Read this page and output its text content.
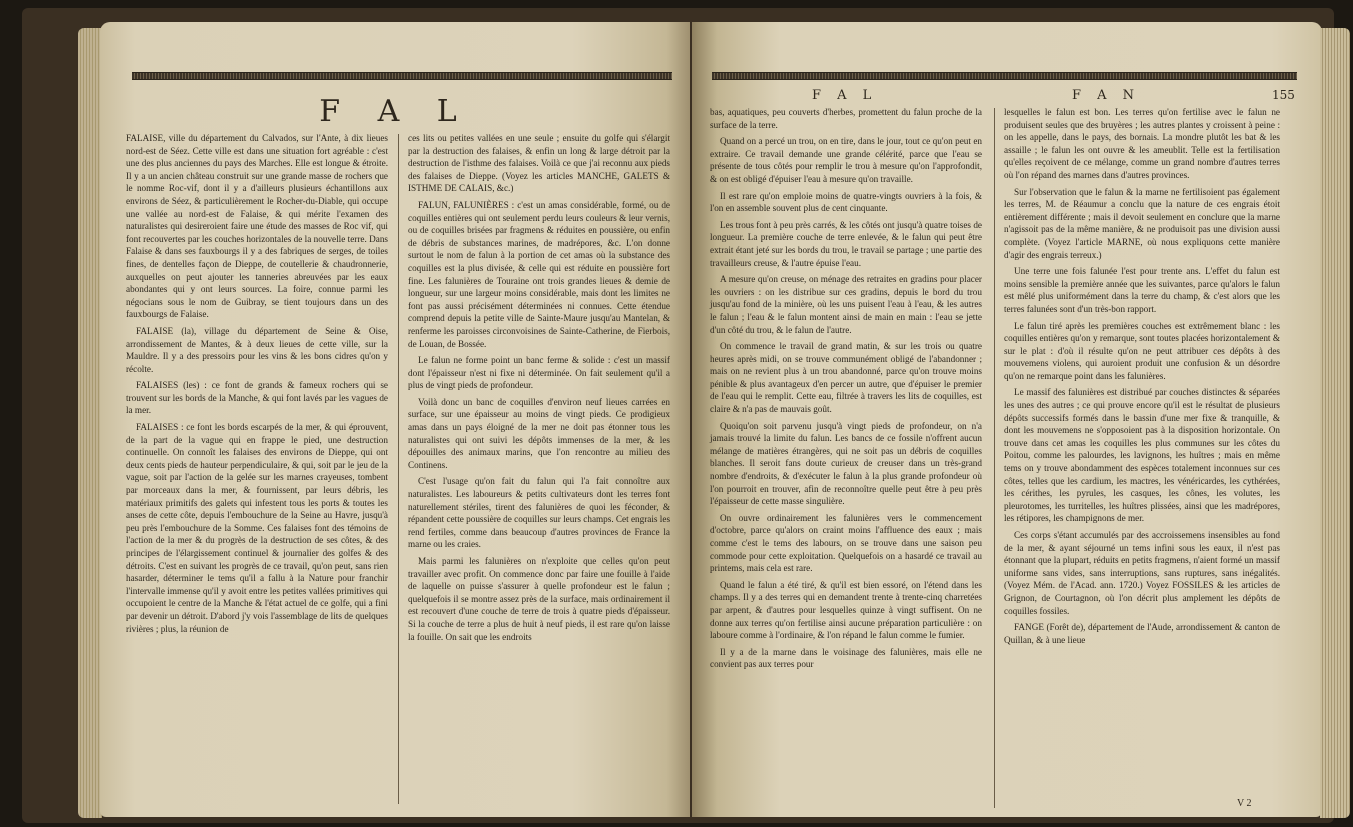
F A L

FALAISE, ville du département du Calvados, sur l'Ante, à dix lieues nord-est de Séez. Cette ville est dans une situation fort agréable : c'est une des plus anciennes du pays des Marches. Elle est longue & étroite. Il y a un ancien château construit sur une grande masse de rochers que le nomme Roc-vif, dont il y a d'ailleurs plusieurs échantillons aux environs de Séez, & particulièrement le Rocher-du-Diable, qui occupe une vallée au nord-est de Falaise, & qui mérite l'examen des naturalistes qui desireroient faire une étude des masses de Roc vif, qui font recouvertes par les couches horizontales de la nouvelle terre. Dans Falaise & dans ses fauxbourgs il y a des fabriques de serges, de toiles fines, de dentelles façon de Dieppe, de coutellerie & chaudronnerie, auxquelles on peut ajouter les tanneries abreuvées par les eaux abondantes qui y ont leurs sources. La foire, connue parmi les négocians sous le nom de Guibray, se tient toujours dans un des fauxbourgs de Falaise.

FALAISE (la), village du département de Seine & Oise, arrondissement de Mantes, & à deux lieues de cette ville, sur la Mauldre. Il y a des pressoirs pour les vins & les bons cidres qu'on y récolte.

FALAISES (les) : ce font de grands & fameux rochers qui se trouvent sur les bords de la Manche, & qui font lavés par les vagues de la mer.

FALAISES : ce font les bords escarpés de la mer, & qui éprouvent, de la part de la vague qui en frappe le pied, une destruction continuelle. On connoît les falaises des environs de Dieppe, qui ont deux cents pieds de hauteur perpendiculaire, & qui, soit par le jeu de la vague, soit par l'action de la gelée sur les marnes crayeuses, tombent par morceaux dans la mer, & fournissent, par leurs débris, les matériaux primitifs des galets qui infestent tous les ports & toutes les anses de cette côte, depuis l'embouchure de la Seine au Havre, jusqu'à peu près l'embouchure de la Somme. Ces falaises font des témoins de l'action de la mer & du progrès de la destruction de ses côtes, & des principes de l'élargissement continuel & journalier des golfes & des détroits. C'est en suivant les progrès de ce travail, qu'on peut, sans rien hasarder, déterminer le tems qu'il a fallu à la Nature pour franchir l'intervalle immense qu'il y avoit entre les petites vallées primitives qui occupoient le centre de la Manche & l'état actuel de ce golfe, qui a fini par devenir un détroit. D'abord j'y vois l'assemblage de lits de quelques rivières ; plus, la réunion de

ces lits ou petites vallées en une seule ; ensuite du golfe qui s'élargit par la destruction des falaises, & enfin un long & large détroit par la destruction de l'isthme des falaises. Voilà ce que j'ai reconnu aux pieds des falaises de Dieppe. (Voyez les articles MANCHE, GALETS & ISTHME DE CALAIS, &c.)

FALUN, FALUNIÈRES : c'est un amas considérable, formé, ou de coquilles entières qui ont seulement perdu leurs couleurs & leur vernis, ou de coquilles brisées par fragmens & réduites en poussière, ou enfin de débris de substances marines, de madrépores, &c. L'on donne surtout le nom de falun à la portion de cet amas où la substance des coquilles est la plus divisée, & celle qui est réduite en poussière fort fine. Les falunières de Touraine ont trois grandes lieues & demie de longueur, sur une largeur moins considérable, mais dont les limites ne font pas aussi précisément déterminées ni connues. Cette étendue comprend depuis la petite ville de Sainte-Maure jusqu'au Mantelan, & renferme les paroisses circonvoisines de Sainte-Catherine, de Fierbois, de Louan, de Bossée.

Le falun ne forme point un banc ferme & solide : c'est un massif dont l'épaisseur n'est ni fixe ni déterminée. On fait seulement qu'il a plus de vingt pieds de profondeur.

Voilà donc un banc de coquilles d'environ neuf lieues carrées en surface, sur une épaisseur au moins de vingt pieds. Ce prodigieux amas dans un pays éloigné de la mer ne doit pas étonner tous les naturalistes qui ont suivi les dépôts immenses de la mer, & les dépouilles des animaux marins, que l'on rencontre au milieu des Continens.

C'est l'usage qu'on fait du falun qui l'a fait connoître aux naturalistes. Les laboureurs & petits cultivateurs dont les terres font naturellement stériles, tirent des falunières de quoi les féconder, & répandent cette poussière de coquilles sur leurs champs. Cet engrais les rend fertiles, comme dans beaucoup d'autres provinces de France la marne ou les craies.

Mais parmi les falunières on n'exploite que celles qu'on peut travailler avec profit. On commence donc par faire une fouille à l'aide de laquelle on puisse s'assurer à quelle profondeur est le falun ; quelquefois il se montre assez près de la surface, mais ordinairement il est recouvert d'une couche de terre de trois à quatre pieds d'épaisseur. Si la couche de terre a plus de huit à neuf pieds, il est rare qu'on laisse la fouille. On sait que les endroits

F A L	F A N	155

bas, aquatiques, peu couverts d'herbes, promettent du falun proche de la surface de la terre.

Quand on a percé un trou, on en tire, dans le jour, tout ce qu'on peut en extraire. Ce travail demande une grande célérité, parce que l'eau se présente de tous côtés pour remplir le trou à mesure qu'on l'approfondit, & on est obligé d'épuiser l'eau à mesure qu'on travaille.

Il est rare qu'on emploie moins de quatre-vingts ouvriers à la fois, & l'on en assemble souvent plus de cent cinquante.

Les trous font à peu près carrés, & les côtés ont jusqu'à quatre toises de longueur. La première couche de terre enlevée, & le falun qui peut être extrait étant jeté sur les bords du trou, le travail se partage ; une partie des travailleurs creuse, & l'autre épuise l'eau.

A mesure qu'on creuse, on ménage des retraites en gradins pour placer les ouvriers : on les distribue sur ces gradins, depuis le bord du trou jusqu'au fond de la minière, où les uns puisent l'eau à l'eau, & les autres le falun ; l'eau & le falun montent ainsi de main en main : l'eau se jette d'un côté du trou, & le falun de l'autre.

On commence le travail de grand matin, & sur les trois ou quatre heures après midi, on se trouve communément obligé de l'abandonner ; mais on ne revient plus à un trou abandonné, parce qu'on trouve moins pénible & plus avantageux d'en percer un autre, que d'épuiser le premier de l'eau qui le remplit. Cette eau, filtrée à travers les lits de coquilles, est claire & n'a pas de mauvais goût.

Quoiqu'on soit parvenu jusqu'à vingt pieds de profondeur, on n'a jamais trouvé la limite du falun. Les bancs de ce fossile n'offrent aucun mélange de matières étrangères, qui ne soit pas un débris de coquilles blanches. Il seroit fans doute curieux de creuser dans un très-grand nombre d'endroits, & d'exécuter le falun à la plus grande profondeur où l'on pourroit en trouver, afin de reconnoître quelle peut être à peu près l'épaisseur de cette masse singulière.

On ouvre ordinairement les falunières vers le commencement d'octobre, parce qu'alors on craint moins l'affluence des eaux ; mais comme c'est le tems des labours, on se trouve dans une saison peu commode pour cette exploitation. Quelquefois on a hasardé ce travail au printems, mais cela est rare.

Quand le falun a été tiré, & qu'il est bien essoré, on l'étend dans les champs. Il y a des terres qui en demandent trente à trente-cinq charretées par arpent, & d'autres pour lesquelles quinze à vingt suffisent. On ne donne aux terres qu'on fertilise ainsi aucune préparation particulière : on laboure comme à l'ordinaire, & l'on répand le falun comme le fumier.

Il y a de la marne dans le voisinage des falunières, mais elle ne convient pas aux terres pour

lesquelles le falun est bon. Les terres qu'on fertilise avec le falun ne produisent seules que des bruyères ; les autres plantes y croissent à peine : on les appelle, dans le pays, des bornais. La mondre plutôt les bat & les assaille ; le falun les ont ouvre & les ameublit. Telle est la fertilisation qu'elles reçoivent de ce mélange, comme un grand nombre d'autres terres où l'on répand des marnes dans d'autres provinces.

Sur l'observation que le falun & la marne ne fertilisoient pas également les terres, M. de Réaumur a conclu que la nature de ces engrais étoit entièrement différente ; mais il devoit seulement en conclure que la marne n'agissoit pas de la même manière, & ne produisoit pas une division aussi complète. (Voyez l'article MARNE, où nous expliquons cette manière d'agir des engrais terreux.)

Une terre une fois falunée l'est pour trente ans. L'effet du falun est moins sensible la première année que les suivantes, parce qu'alors le falun est mêlé plus uniformément dans la terre du champ, & c'est alors que les terres falunées sont d'un très-bon rapport.

Le falun tiré après les premières couches est extrêmement blanc : les coquilles entières qu'on y remarque, sont toutes placées horizontalement & sur le plat : d'où il résulte qu'on ne peut attribuer ces dépôts à des mouvemens violens, qui auroient produit une confusion & un désordre qu'on ne remarque point dans les falunières.

Le massif des falunières est distribué par couches distinctes & séparées les unes des autres ; ce qui prouve encore qu'il est le résultat de plusieurs dépôts successifs formés dans le bassin d'une mer fixe & tranquille, & dont les mouvemens ne s'opposoient pas à la disposition horizontale. On trouve dans cet amas les coquilles les plus communes sur les côtes du Poitou, comme les palourdes, les lavignons, les huîtres ; mais en même tems on y trouve abondamment des espèces totalement inconnues sur ces côtes, telles que les cardium, les mactres, les vénéricardes, les cythérées, les cérithes, les pyrules, les casques, les cônes, les volutes, les pleurotomes, les turritelles, les huîtres plissées, ainsi que les madrépores, les rétipores, les champignons de mer.

Ces corps s'étant accumulés par des accroissemens insensibles au fond de la mer, & ayant séjourné un tems infini sous les eaux, il n'est pas étonnant que la plupart, réduits en petits fragmens, n'aient formé un massif uniforme sans vides, sans interruptions, sans ruptures, sans inégalités. (Voyez Mém. de l'Acad. ann. 1720.) Voyez FOSSILES & les articles de Grignon, de Courtagnon, où l'on décrit plus amplement les dépôts de coquilles fossiles.

FANGE (Forêt de), département de l'Aude, arrondissement & canton de Quillan, & à une lieue

V 2
